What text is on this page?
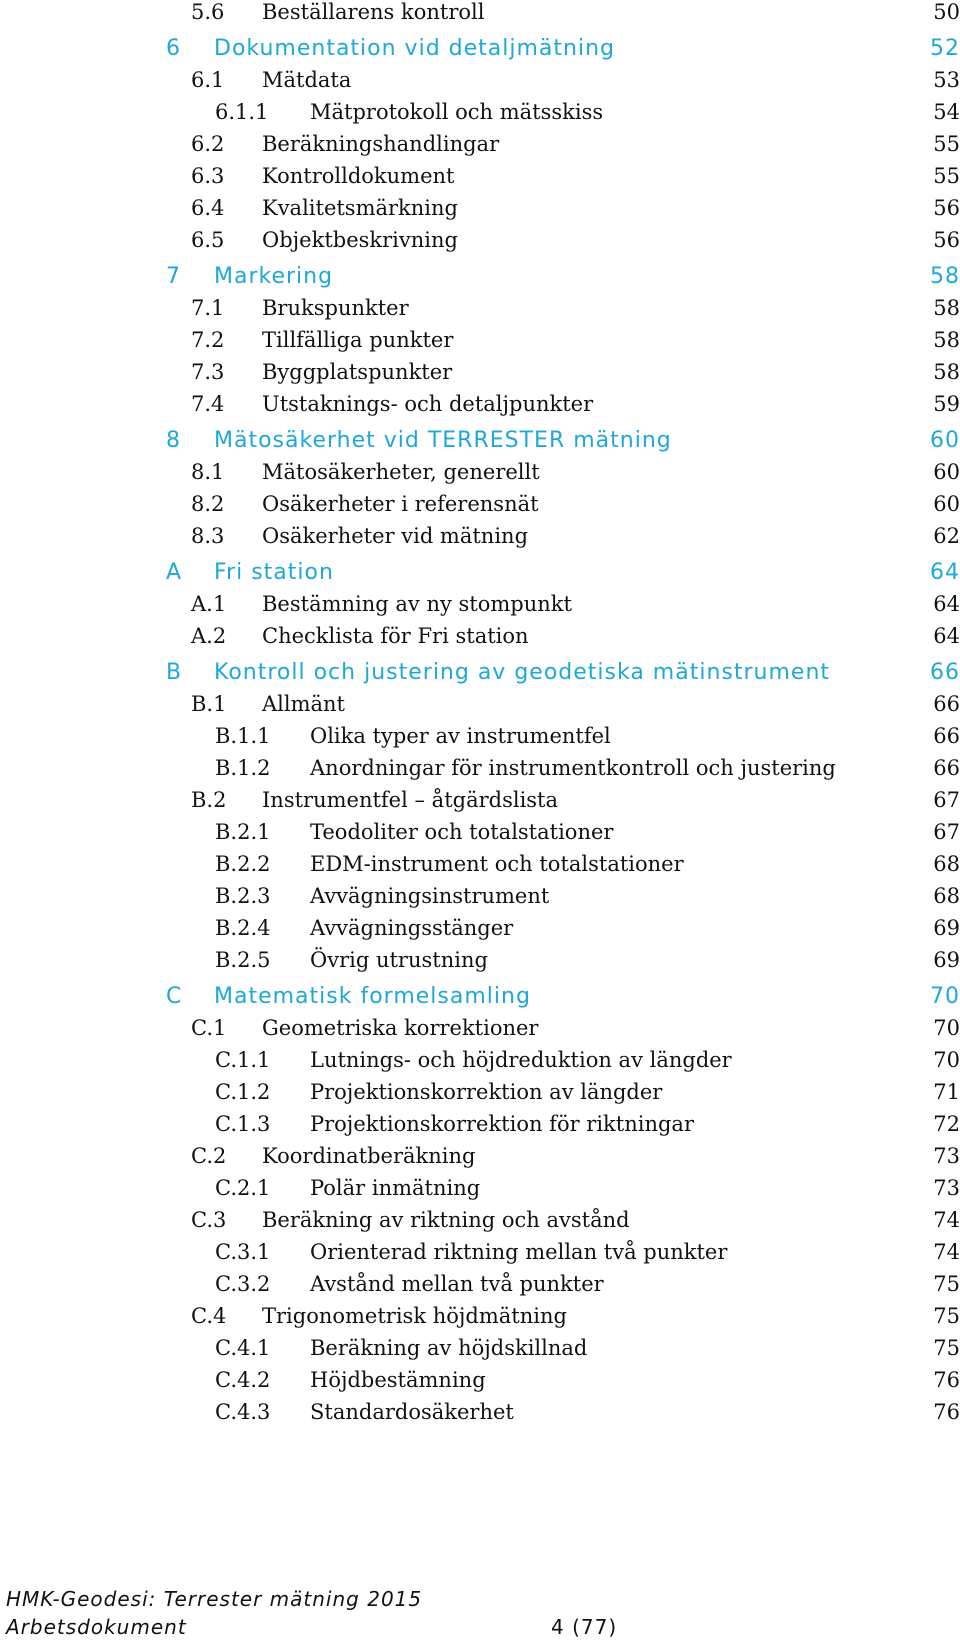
5.6 Beställarens kontroll	50
6 Dokumentation vid detaljmätning	52
6.1 Mätdata	53
6.1.1 Mätprotokoll och mätsskiss	54
6.2 Beräkningshandlingar	55
6.3 Kontrolldokument	55
6.4 Kvalitetsmärkning	56
6.5 Objektbeskrivning	56
7 Markering	58
7.1 Brukspunkter	58
7.2 Tillfälliga punkter	58
7.3 Byggplatspunkter	58
7.4 Utstaknings- och detaljpunkter	59
8 Mätosäkerhet vid TERRESTER mätning	60
8.1 Mätosäkerheter, generellt	60
8.2 Osäkerheter i referensnät	60
8.3 Osäkerheter vid mätning	62
A Fri station	64
A.1 Bestämning av ny stompunkt	64
A.2 Checklista för Fri station	64
B Kontroll och justering av geodetiska mätinstrument	66
B.1 Allmänt	66
B.1.1 Olika typer av instrumentfel	66
B.1.2 Anordningar för instrumentkontroll och justering	66
B.2 Instrumentfel – åtgärdslista	67
B.2.1 Teodoliter och totalstationer	67
B.2.2 EDM-instrument och totalstationer	68
B.2.3 Avvägningsinstrument	68
B.2.4 Avvägningsstänger	69
B.2.5 Övrig utrustning	69
C Matematisk formelsamling	70
C.1 Geometriska korrektioner	70
C.1.1 Lutnings- och höjdreduktion av längder	70
C.1.2 Projektionskorrektion av längder	71
C.1.3 Projektionskorrektion för riktningar	72
C.2 Koordinatberäkning	73
C.2.1 Polär inmätning	73
C.3 Beräkning av riktning och avstånd	74
C.3.1 Orienterad riktning mellan två punkter	74
C.3.2 Avstånd mellan två punkter	75
C.4 Trigonometrisk höjdmätning	75
C.4.1 Beräkning av höjdskillnad	75
C.4.2 Höjdbestämning	76
C.4.3 Standardosäkerhet	76
HMK-Geodesi: Terrester mätning 2015
Arbetsdokument	4 (77)
